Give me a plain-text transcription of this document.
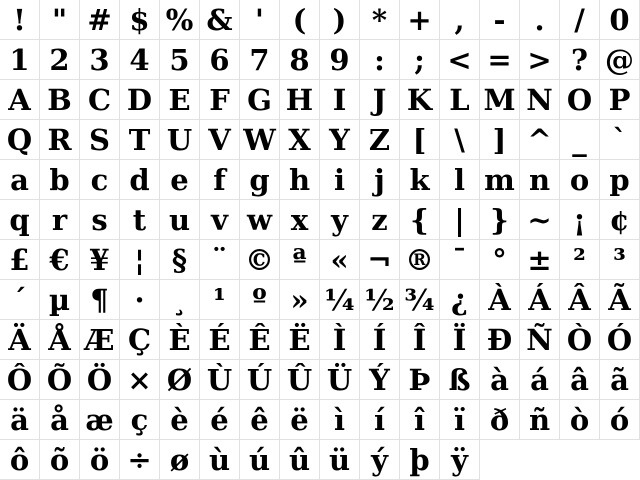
! " # $ % & ' ( ) * + , - .	/ 0
1 2 3 4 5 6 7 8 9 :	; < = > ? @
A B C D E F G H I J K L M N O P
Q R S T U V W X Y Z [ \ ] ^ _ `
a b c d e f g h i	j k l m n o p
q r s t u v w x y z { | } ~ ¡ ¢
£ € ¥ ¦ § ¨ © ª « ¬ ® ¯ ° ± ² ³
´ µ ¶ · ¸ ¹ º » ¼ ½ ¾ ¿ À Á Â Ã
Ä Å Æ Ç È É Ê Ë Ì Í Î Ï Ð Ñ Ò Ó
Ô Õ Ö × Ø Ù Ú Û Ü Ý Þ ß à á â ã
ä å æ ç è é ê ë ì í î ï ð ñ ò ó
ô õ ö ÷ ø ù ú û ü ý þ ÿ
